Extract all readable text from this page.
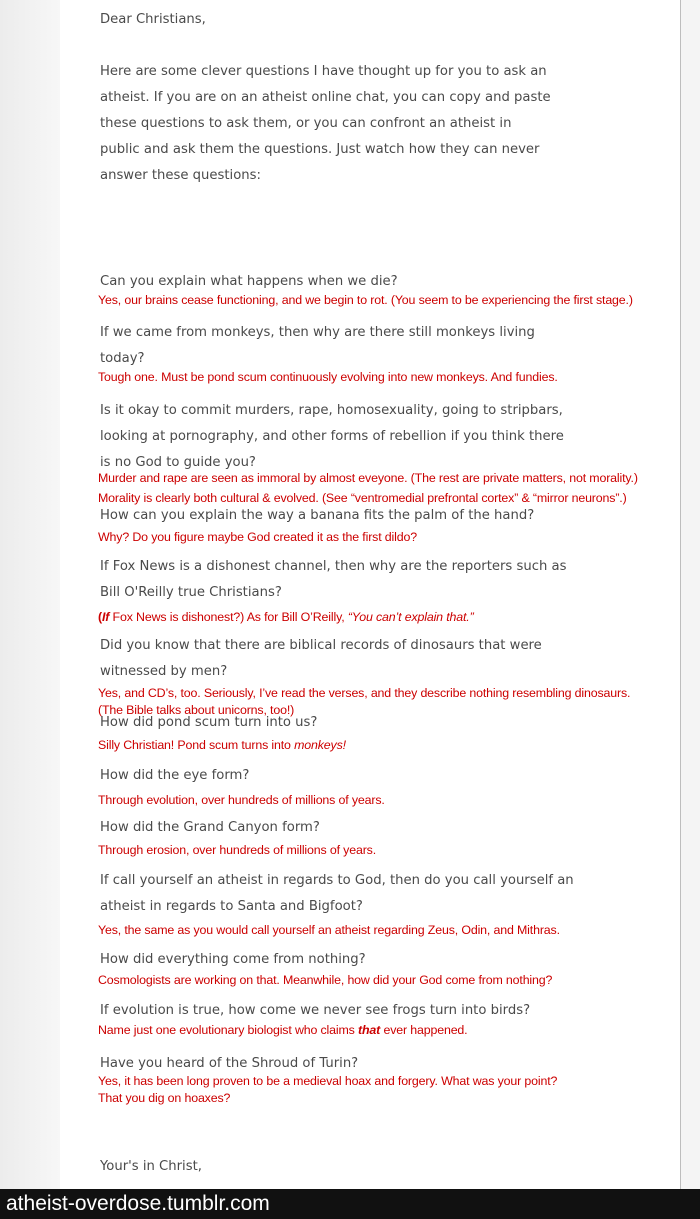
Dear Christians,

Here are some clever questions I have thought up for you to ask an

atheist. If you are on an atheist online chat, you can copy and paste

these questions to ask them, or you can confront an atheist in

public and ask them the questions. Just watch how they can never

answer these questions:

Can you explain what happens when we die?

Yes, our brains cease functioning, and we begin to rot. (You seem to be experiencing the first stage.)

If we came from monkeys, then why are there still monkeys living

today?

Tough one. Must be pond scum continuously evolving into new monkeys. And fundies.

Is it okay to commit murders, rape, homosexuality, going to stripbars,

looking at pornography, and other forms of rebellion if you think there

is no God to guide you?

Murder and rape are seen as immoral by almost eveyone. (The rest are private matters, not morality.)

Morality is clearly both cultural & evolved. (See “ventromedial prefrontal cortex” & “mirror neurons”.)

How can you explain the way a banana fits the palm of the hand?

Why? Do you figure maybe God created it as the first dildo?

If Fox News is a dishonest channel, then why are the reporters such as

Bill O'Reilly true Christians?

(If Fox News is dishonest?) As for Bill O’Reilly, “You can’t explain that.”

Did you know that there are biblical records of dinosaurs that were

witnessed by men?

Yes, and CD’s, too. Seriously, I’ve read the verses, and they describe nothing resembling dinosaurs.

(The Bible talks about unicorns, too!)

How did pond scum turn into us?

Silly Christian! Pond scum turns into monkeys!

How did the eye form?

Through evolution, over hundreds of millions of years.

How did the Grand Canyon form?

Through erosion, over hundreds of millions of years.

If call yourself an atheist in regards to God, then do you call yourself an

atheist in regards to Santa and Bigfoot?

Yes, the same as you would call yourself an atheist regarding Zeus, Odin, and Mithras.

How did everything come from nothing?

Cosmologists are working on that. Meanwhile, how did your God come from nothing?

If evolution is true, how come we never see frogs turn into birds?

Name just one evolutionary biologist who claims that ever happened.

Have you heard of the Shroud of Turin?

Yes, it has been long proven to be a medieval hoax and forgery. What was your point?

That you dig on hoaxes?

Your's in Christ,

atheist-overdose.tumblr.com
